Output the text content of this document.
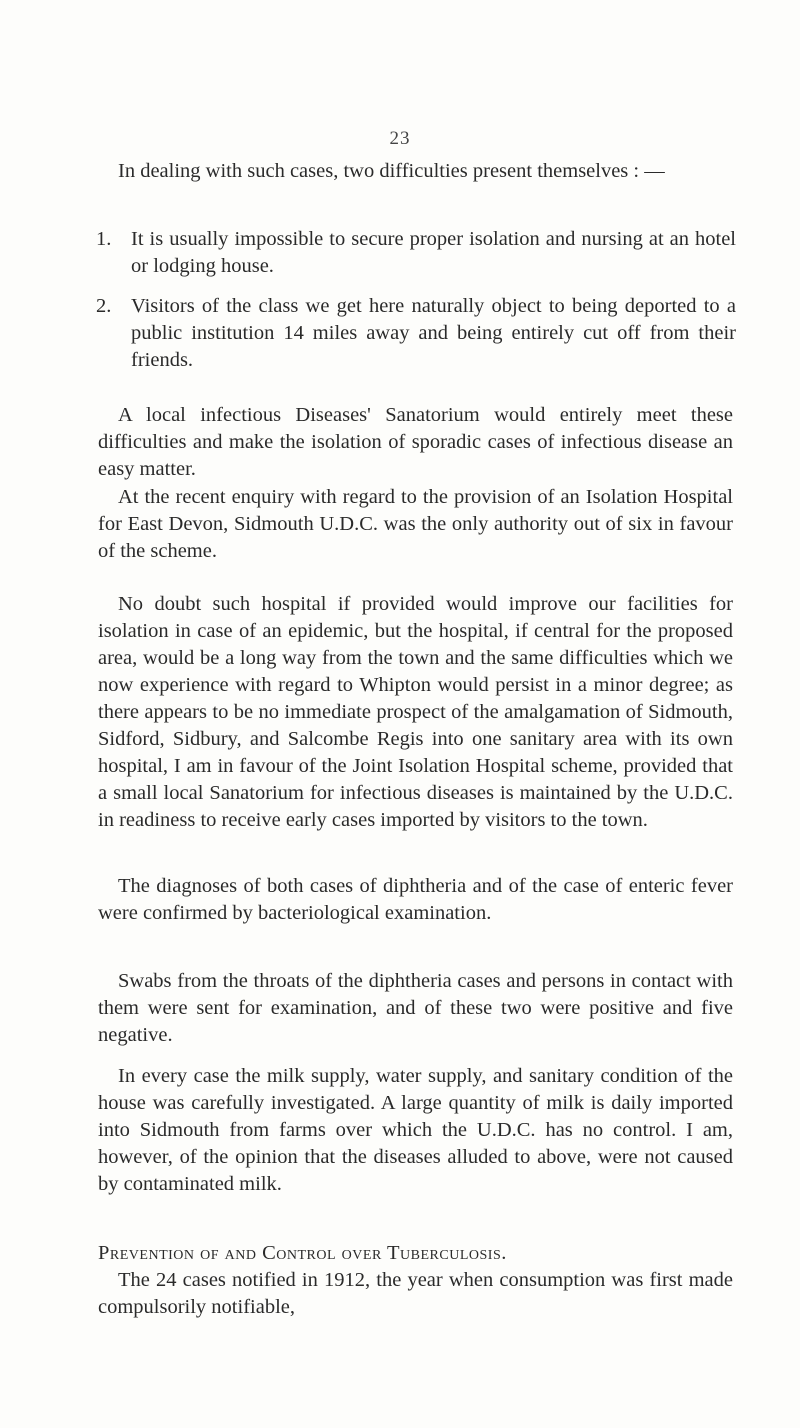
23
In dealing with such cases, two difficulties present themselves : —
1. It is usually impossible to secure proper isolation and nursing at an hotel or lodging house.
2. Visitors of the class we get here naturally object to being deported to a public institution 14 miles away and being entirely cut off from their friends.
A local infectious Diseases' Sanatorium would entirely meet these difficulties and make the isolation of sporadic cases of infectious disease an easy matter.
At the recent enquiry with regard to the provision of an Isolation Hospital for East Devon, Sidmouth U.D.C. was the only authority out of six in favour of the scheme.
No doubt such hospital if provided would improve our facilities for isolation in case of an epidemic, but the hospital, if central for the proposed area, would be a long way from the town and the same difficulties which we now experience with regard to Whipton would persist in a minor degree; as there appears to be no immediate prospect of the amalgamation of Sidmouth, Sidford, Sidbury, and Salcombe Regis into one sanitary area with its own hospital, I am in favour of the Joint Isolation Hospital scheme, provided that a small local Sanatorium for infectious diseases is maintained by the U.D.C. in readiness to receive early cases imported by visitors to the town.
The diagnoses of both cases of diphtheria and of the case of enteric fever were confirmed by bacteriological examination.
Swabs from the throats of the diphtheria cases and persons in contact with them were sent for examination, and of these two were positive and five negative.
In every case the milk supply, water supply, and sanitary condition of the house was carefully investigated. A large quantity of milk is daily imported into Sidmouth from farms over which the U.D.C. has no control. I am, however, of the opinion that the diseases alluded to above, were not caused by contaminated milk.
Prevention of and Control over Tuberculosis.
The 24 cases notified in 1912, the year when consumption was first made compulsorily notifiable,
